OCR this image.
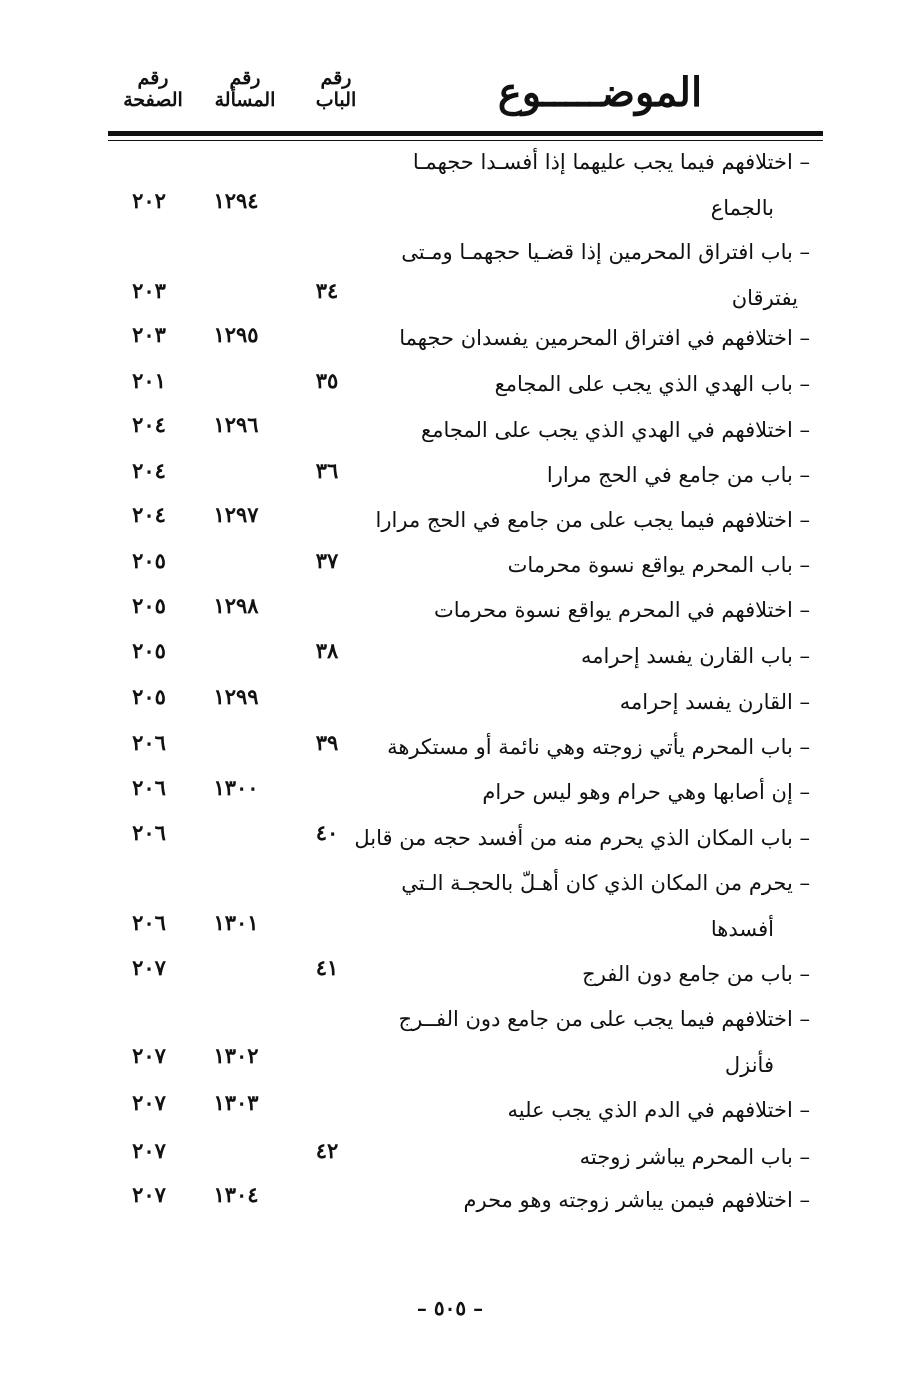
الموضـــــوع
رقم
الباب
رقم
المسألة
رقم
الصفحة
– اختلافهم فيما يجب عليهما إذا أفسـدا حجهمـا
بالجماع
١٢٩٤
٢٠٢
– باب افتراق المحرمين إذا قضـيا حجهمـا ومـتى
يفترقان
٣٤
٢٠٣
– اختلافهم في افتراق المحرمين يفسدان حجهما
١٢٩٥
٢٠٣
– باب الهدي الذي يجب على المجامع
٣٥
٢٠١
– اختلافهم في الهدي الذي يجب على المجامع
١٢٩٦
٢٠٤
– باب من جامع في الحج مرارا
٣٦
٢٠٤
– اختلافهم فيما يجب على من جامع في الحج مرارا
١٢٩٧
٢٠٤
– باب المحرم يواقع نسوة محرمات
٣٧
٢٠٥
– اختلافهم في المحرم يواقع نسوة محرمات
١٢٩٨
٢٠٥
– باب القارن يفسد إحرامه
٣٨
٢٠٥
– القارن يفسد إحرامه
١٢٩٩
٢٠٥
– باب المحرم يأتي زوجته وهي نائمة أو مستكرهة
٣٩
٢٠٦
– إن أصابها وهي حرام وهو ليس حرام
١٣٠٠
٢٠٦
– باب المكان الذي يحرم منه من أفسد حجه من قابل
٤٠
٢٠٦
– يحرم من المكان الذي كان أهـلّ بالحجـة الـتي
أفسدها
١٣٠١
٢٠٦
– باب من جامع دون الفرج
٤١
٢٠٧
– اختلافهم فيما يجب على من جامع دون الفــرج
فأنزل
١٣٠٢
٢٠٧
– اختلافهم في الدم الذي يجب عليه
١٣٠٣
٢٠٧
– باب المحرم يباشر زوجته
٤٢
٢٠٧
– اختلافهم فيمن يباشر زوجته وهو محرم
١٣٠٤
٢٠٧
– ٥٠٥ –
